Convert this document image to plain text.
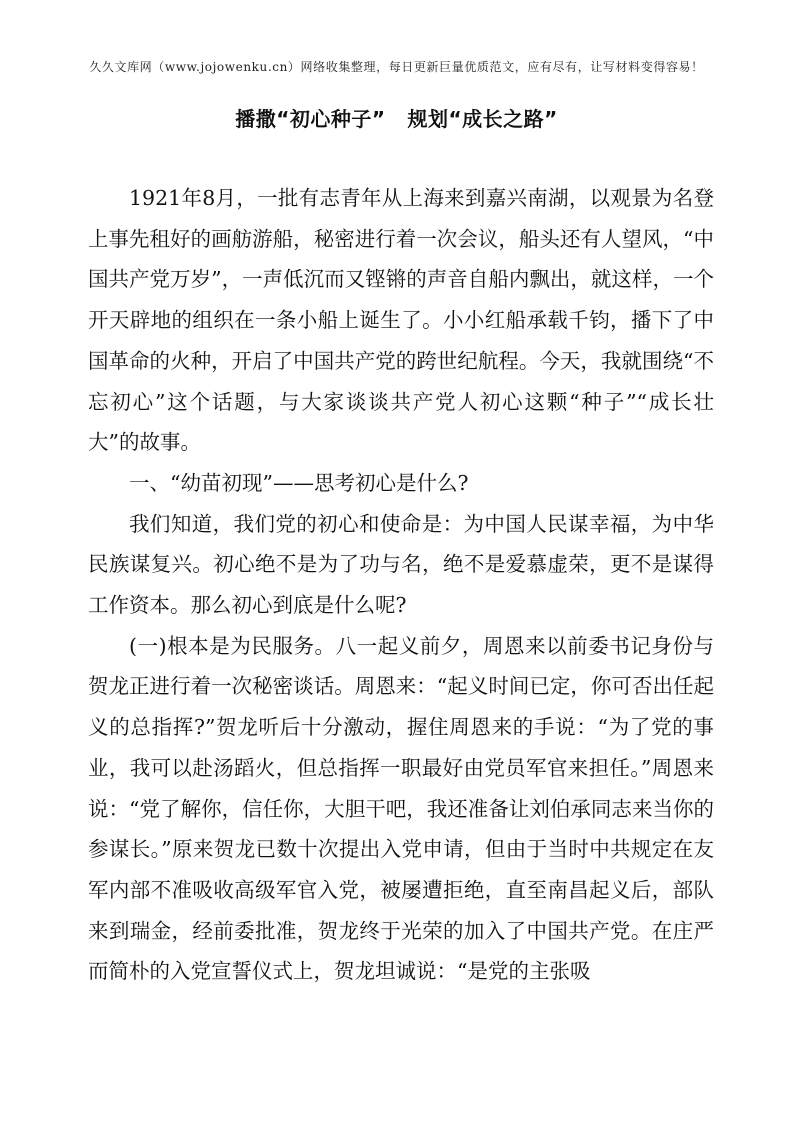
久久文库网（www.jojowenku.cn）网络收集整理，每日更新巨量优质范文，应有尽有，让写材料变得容易！
播撒“初心种子” 规划“成长之路”

1921年8月，一批有志青年从上海来到嘉兴南湖，以观景为名登上事先租好的画舫游船，秘密进行着一次会议，船头还有人望风，“中国共产党万岁”，一声低沉而又铿锵的声音自船内飘出，就这样，一个开天辟地的组织在一条小船上诞生了。小小红船承载千钧，播下了中国革命的火种，开启了中国共产党的跨世纪航程。今天，我就围绕“不忘初心”这个话题，与大家谈谈共产党人初心这颗“种子”“成长壮大”的故事。

一、“幼苗初现”——思考初心是什么?

我们知道，我们党的初心和使命是：为中国人民谋幸福，为中华民族谋复兴。初心绝不是为了功与名，绝不是爱慕虚荣，更不是谋得工作资本。那么初心到底是什么呢?

(一)根本是为民服务。八一起义前夕，周恩来以前委书记身份与贺龙正进行着一次秘密谈话。周恩来：“起义时间已定，你可否出任起义的总指挥?”贺龙听后十分激动，握住周恩来的手说：“为了党的事业，我可以赴汤蹈火，但总指挥一职最好由党员军官来担任。”周恩来说：“党了解你，信任你，大胆干吧，我还准备让刘伯承同志来当你的参谋长。”原来贺龙已数十次提出入党申请，但由于当时中共规定在友军内部不准吸收高级军官入党，被屡遭拒绝，直至南昌起义后，部队来到瑞金，经前委批准，贺龙终于光荣的加入了中国共产党。在庄严而简朴的入党宣誓仪式上，贺龙坦诚说：“是党的主张吸
